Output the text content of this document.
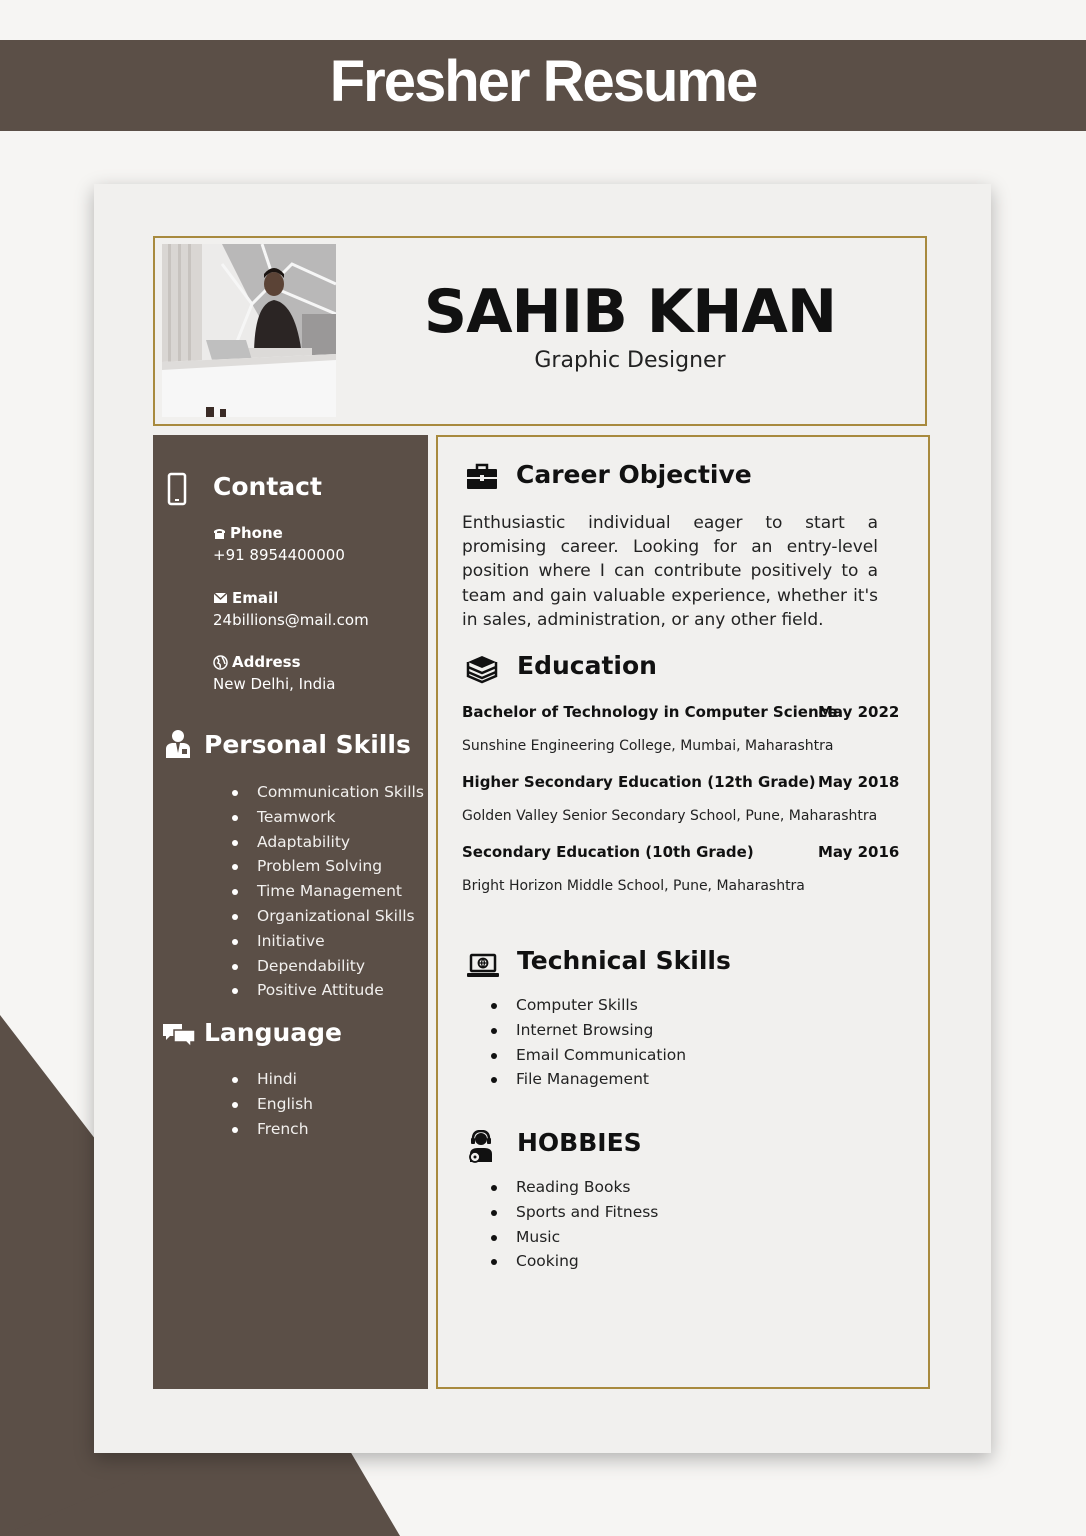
Fresher Resume
SAHIB KHAN
Graphic Designer
Contact
Phone
+91 8954400000
Email
24billions@mail.com
Address
New Delhi, India
Personal Skills
Communication Skills
Teamwork
Adaptability
Problem Solving
Time Management
Organizational Skills
Initiative
Dependability
Positive Attitude
Language
Hindi
English
French
Career Objective
Enthusiastic individual eager to start a promising career. Looking for an entry-level position where I can contribute positively to a team and gain valuable experience, whether it's in sales, administration, or any other field.
Education
Bachelor of Technology in Computer Science
May 2022
Sunshine Engineering College, Mumbai, Maharashtra
Higher Secondary Education (12th Grade) May 2018
Golden Valley Senior Secondary School, Pune, Maharashtra
Secondary Education (10th Grade)	May 2016
Bright Horizon Middle School, Pune, Maharashtra
Technical Skills
Computer Skills
Internet Browsing
Email Communication
File Management
HOBBIES
Reading Books
Sports and Fitness
Music
Cooking
